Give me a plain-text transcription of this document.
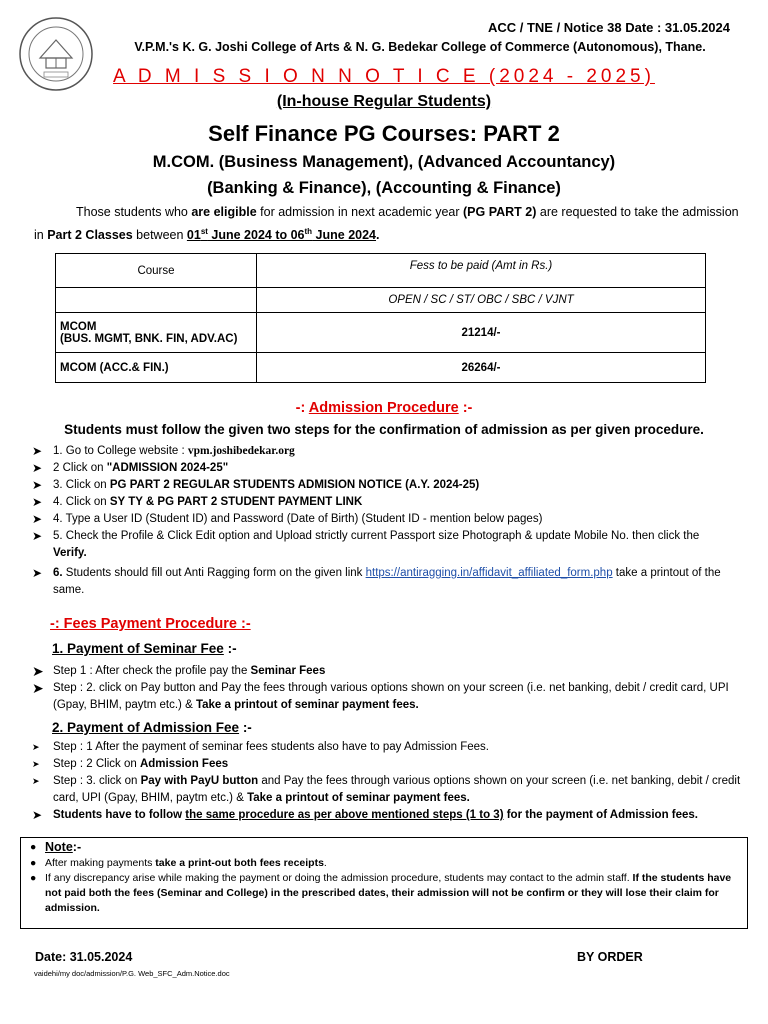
ACC / TNE / Notice 38 Date : 31.05.2024
V.P.M.'s K. G. Joshi College of Arts & N. G. Bedekar College of Commerce (Autonomous), Thane.
A D M I S S I O N N O T I C E (2024 - 2025)
(In-house Regular Students)
Self Finance PG Courses: PART 2
M.COM. (Business Management), (Advanced Accountancy)
(Banking & Finance), (Accounting & Finance)
Those students who are eligible for admission in next academic year (PG PART 2) are requested to take the admission in Part 2 Classes between 01st June 2024 to 06th June 2024.
Course	Fess to be paid (Amt in Rs.)
	OPEN / SC / ST/ OBC / SBC / VJNT

MCOM
(BUS. MGMT, BNK. FIN, ADV.AC)	21214/-
MCOM (ACC.& FIN.)	26264/-
-: Admission Procedure :-
Students must follow the given two steps for the confirmation of admission as per given procedure.
➤ 1. Go to College website : vpm.joshibedekar.org
➤ 2 Click on "ADMISSION 2024-25"
➤ 3. Click on PG PART 2 REGULAR STUDENTS ADMISION NOTICE (A.Y. 2024-25)
➤ 4. Click on SY TY & PG PART 2 STUDENT PAYMENT LINK
➤ 4. Type a User ID (Student ID) and Password (Date of Birth) (Student ID - mention below pages)
➤ 5. Check the Profile & Click Edit option and Upload strictly current Passport size Photograph & update Mobile No. then click the Verify.
➤ 6. Students should fill out Anti Ragging form on the given link https://antiragging.in/affidavit_affiliated_form.php take a printout of the same.
-: Fees Payment Procedure :-
1. Payment of Seminar Fee :-
➤ Step 1 : After check the profile pay the Seminar Fees
➤ Step : 2. click on Pay button and Pay the fees through various options shown on your screen (i.e. net banking, debit / credit card, UPI (Gpay, BHIM, paytm etc.) & Take a printout of seminar payment fees.
2. Payment of Admission Fee :-
➤ Step : 1 After the payment of seminar fees students also have to pay Admission Fees.
➤ Step : 2 Click on Admission Fees
➤ Step : 3. click on Pay with PayU button and Pay the fees through various options shown on your screen (i.e. net banking, debit / credit card, UPI (Gpay, BHIM, paytm etc.) & Take a printout of seminar payment fees.
➤ Students have to follow the same procedure as per above mentioned steps (1 to 3) for the payment of Admission fees.
● Note:-
● After making payments take a print-out both fees receipts.
● If any discrepancy arise while making the payment or doing the admission procedure, students may contact to the admin staff. If the students have not paid both the fees (Seminar and College) in the prescribed dates, their admission will not be confirm or they will lose their claim for admission.
Date: 31.05.2024	BY ORDER
vaidehi/my doc/admission/P.G. Web_SFC_Adm.Notice.doc
